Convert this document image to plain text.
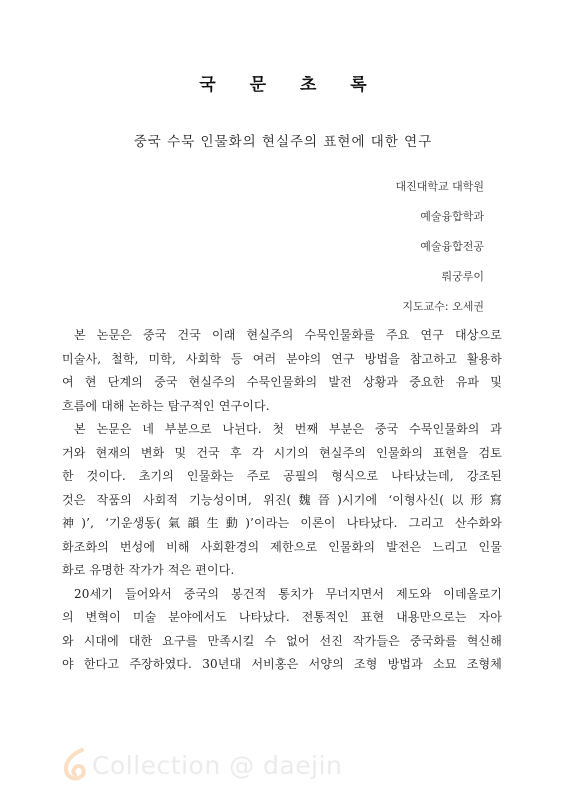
국 문 초 록
중국 수묵 인물화의 현실주의 표현에 대한 연구
대진대학교 대학원
예술융합학과
예술융합전공
뤄궁루이
지도교수: 오세권
본 논문은 중국 건국 이래 현실주의 수묵인물화를 주요 연구 대상으로
미술사, 철학, 미학, 사회학 등 여러 분야의 연구 방법을 참고하고 활용하
여 현 단계의 중국 현실주의 수묵인물화의 발전 상황과 중요한 유파 및
흐름에 대해 논하는 탐구적인 연구이다.
본 논문은 네 부분으로 나뉜다. 첫 번째 부분은 중국 수묵인물화의 과
거와 현재의 변화 및 건국 후 각 시기의 현실주의 인물화의 표현을 검토
한 것이다. 초기의 인물화는 주로 공필의 형식으로 나타났는데, 강조된
것은 작품의 사회적 기능성이며, 위진(魏晉)시기에 ‘이형사신(以形寫
神)’, ‘기운생동(氣韻生動)’이라는 이론이 나타났다. 그리고 산수화와
화조화의 번성에 비해 사회환경의 제한으로 인물화의 발전은 느리고 인물
화로 유명한 작가가 적은 편이다.
20세기 들어와서 중국의 봉건적 통치가 무너지면서 제도와 이데올로기
의 변혁이 미술 분야에서도 나타났다. 전통적인 표현 내용만으로는 자아
와 시대에 대한 요구를 만족시킬 수 없어 선진 작가들은 중국화를 혁신해
야 한다고 주장하였다. 30년대 서비홍은 서양의 조형 방법과 소묘 조형체
Collection @ daejin
